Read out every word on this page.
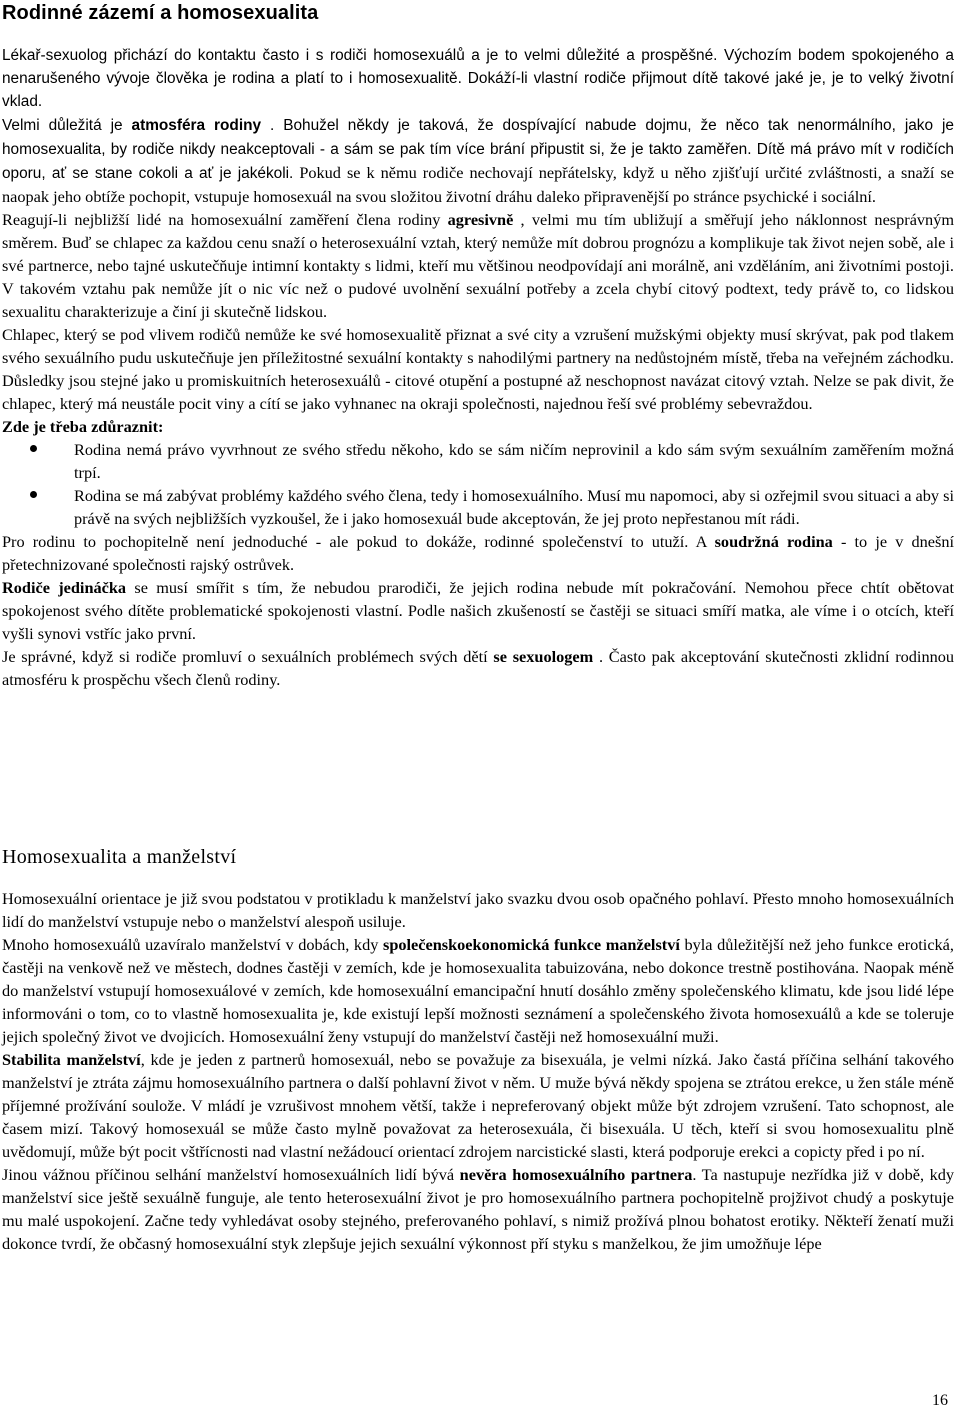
Rodinné zázemí a homosexualita

Lékař-sexuolog přichází do kontaktu často i s rodiči homosexuálů a je to velmi důležité a prospěšné. Výchozím bodem spokojeného a nenarušeného vývoje člověka je rodina a platí to i homosexualitě. Dokáží-li vlastní rodiče přijmout dítě takové jaké je, je to velký životní vklad.

Velmi důležitá je atmosféra rodiny . Bohužel někdy je taková, že dospívající nabude dojmu, že něco tak nenormálního, jako je homosexualita, by rodiče nikdy neakceptovali - a sám se pak tím více brání připustit si, že je takto zaměřen. Dítě má právo mít v rodičích oporu, ať se stane cokoli a ať je jakékoli. Pokud se k němu rodiče nechovají nepřátelsky, když u něho zjišťují určité zvláštnosti, a snaží se naopak jeho obtíže pochopit, vstupuje homosexuál na svou složitou životní dráhu daleko připravenější po stránce psychické i sociální.

Reagují-li nejbližší lidé na homosexuální zaměření člena rodiny agresivně , velmi mu tím ubližují a směřují jeho náklonnost nesprávným směrem. Buď se chlapec za každou cenu snaží o heterosexuální vztah, který nemůže mít dobrou prognózu a komplikuje tak život nejen sobě, ale i své partnerce, nebo tajné uskutečňuje intimní kontakty s lidmi, kteří mu většinou neodpovídají ani morálně, ani vzděláním, ani životními postoji. V takovém vztahu pak nemůže jít o nic víc než o pudové uvolnění sexuální potřeby a zcela chybí citový podtext, tedy právě to, co lidskou sexualitu charakterizuje a činí ji skutečně lidskou.

Chlapec, který se pod vlivem rodičů nemůže ke své homosexualitě přiznat a své city a vzrušení mužskými objekty musí skrývat, pak pod tlakem svého sexuálního pudu uskutečňuje jen příležitostné sexuální kontakty s nahodilými partnery na nedůstojném místě, třeba na veřejném záchodku. Důsledky jsou stejné jako u promiskuitních heterosexuálů - citové otupění a postupné až neschopnost navázat citový vztah. Nelze se pak divit, že chlapec, který má neustále pocit viny a cítí se jako vyhnanec na okraji společnosti, najednou řeší své problémy sebevraždou.

Zde je třeba zdůraznit:

Rodina nemá právo vyvrhnout ze svého středu někoho, kdo se sám ničím neprovinil a kdo sám svým sexuálním zaměřením možná trpí.
Rodina se má zabývat problémy každého svého člena, tedy i homosexuálního. Musí mu napomoci, aby si ozřejmil svou situaci a aby si právě na svých nejbližších vyzkoušel, že i jako homosexuál bude akceptován, že jej proto nepřestanou mít rádi.

Pro rodinu to pochopitelně není jednoduché - ale pokud to dokáže, rodinné společenství to utuží. A soudržná rodina - to je v dnešní přetechnizované společnosti rajský ostrůvek.

Rodiče jedináčka se musí smířit s tím, že nebudou prarodiči, že jejich rodina nebude mít pokračování. Nemohou přece chtít obětovat spokojenost svého dítěte problematické spokojenosti vlastní. Podle našich zkušeností se častěji se situaci smíří matka, ale víme i o otcích, kteří vyšli synovi vstříc jako první.

Je správné, když si rodiče promluví o sexuálních problémech svých dětí se sexuologem . Často pak akceptování skutečnosti zklidní rodinnou atmosféru k prospěchu všech členů rodiny.

Homosexualita a manželství

Homosexuální orientace je již svou podstatou v protikladu k manželství jako svazku dvou osob opačného pohlaví. Přesto mnoho homosexuálních lidí do manželství vstupuje nebo o manželství alespoň usiluje.

Mnoho homosexuálů uzavíralo manželství v dobách, kdy společenskoekonomická funkce manželství byla důležitější než jeho funkce erotická, častěji na venkově než ve městech, dodnes častěji v zemích, kde je homosexualita tabuizována, nebo dokonce trestně postihována. Naopak méně do manželství vstupují homosexuálové v zemích, kde homosexuální emancipační hnutí dosáhlo změny společenského klimatu, kde jsou lidé lépe informováni o tom, co to vlastně homosexualita je, kde existují lepší možnosti seznámení a společenského života homosexuálů a kde se toleruje jejich společný život ve dvojicích. Homosexuální ženy vstupují do manželství častěji než homosexuální muži.

Stabilita manželství, kde je jeden z partnerů homosexuál, nebo se považuje za bisexuála, je velmi nízká. Jako častá příčina selhání takového manželství je ztráta zájmu homosexuálního partnera o další pohlavní život v něm. U muže bývá někdy spojena se ztrátou erekce, u žen stále méně příjemné prožívání soulože. V mládí je vzrušivost mnohem větší, takže i nepreferovaný objekt může být zdrojem vzrušení. Tato schopnost, ale časem mizí. Takový homosexuál se může často mylně považovat za heterosexuála, či bisexuála. U těch, kteří si svou homosexualitu plně uvědomují, může být pocit vštřícnosti nad vlastní nežádoucí orientací zdrojem narcistické slasti, která podporuje erekci a copicty před i po ní.

Jinou vážnou příčinou selhání manželství homosexuálních lidí bývá nevěra homosexuálního partnera. Ta nastupuje nezřídka již v době, kdy manželství sice ještě sexuálně funguje, ale tento heterosexuální život je pro homosexuálního partnera pochopitelně projživot chudý a poskytuje mu malé uspokojení. Začne tedy vyhledávat osoby stejného, preferovaného pohlaví, s nimiž prožívá plnou bohatost erotiky. Někteří ženatí muži dokonce tvrdí, že občasný homosexuální styk zlepšuje jejich sexuální výkonnost pří styku s manželkou, že jim umožňuje lépe

16
